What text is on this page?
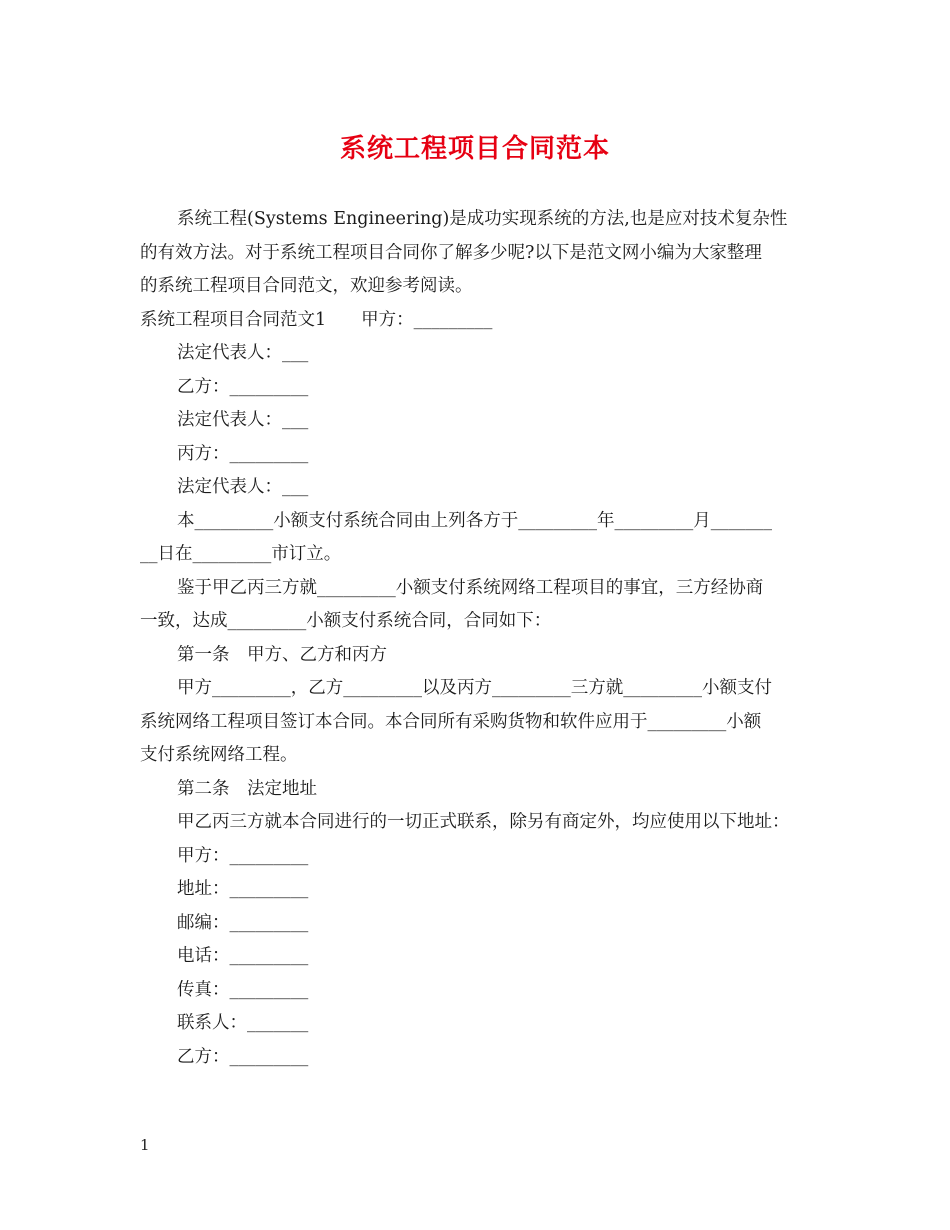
系统工程项目合同范本
系统工程(Systems Engineering)是成功实现系统的方法,也是应对技术复杂性
的有效方法。对于系统工程项目合同你了解多少呢?以下是范文网小编为大家整理
的系统工程项目合同范文，欢迎参考阅读。
系统工程项目合同范文1　　甲方：_________
法定代表人：___
乙方：_________
法定代表人：___
丙方：_________
法定代表人：___
本_________小额支付系统合同由上列各方于_________年_________月_______
__日在_________市订立。
鉴于甲乙丙三方就_________小额支付系统网络工程项目的事宜，三方经协商
一致，达成_________小额支付系统合同，合同如下：
第一条　甲方、乙方和丙方
甲方_________，乙方_________以及丙方_________三方就_________小额支付
系统网络工程项目签订本合同。本合同所有采购货物和软件应用于_________小额
支付系统网络工程。
第二条　法定地址
甲乙丙三方就本合同进行的一切正式联系，除另有商定外，均应使用以下地址：
甲方：_________
地址：_________
邮编：_________
电话：_________
传真：_________
联系人：_______
乙方：_________
1
